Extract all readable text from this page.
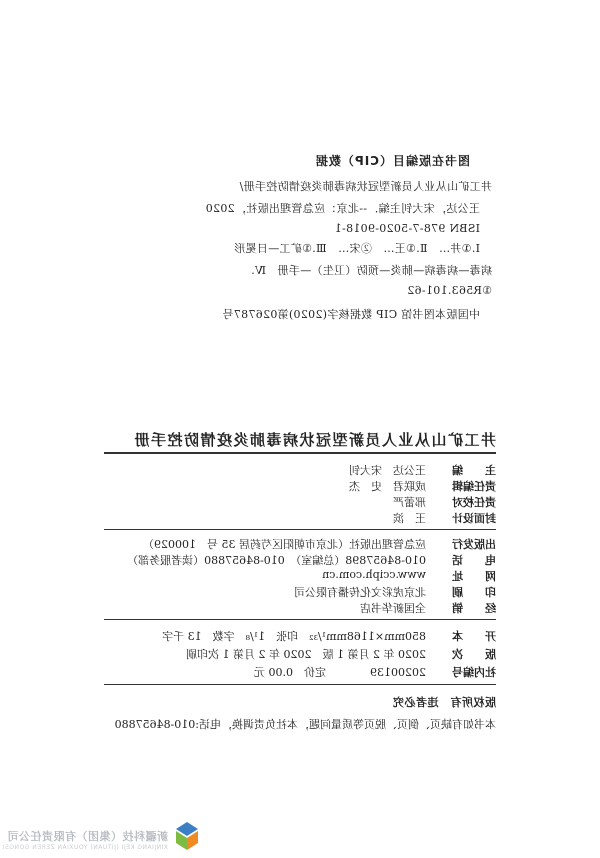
图书在版编目（CIP）数据
井工矿山从业人员新型冠状病毒肺炎疫情防控手册/
王公达，宋大钊主编．--北京：应急管理出版社，2020
ISBN 978-7-5020-9018-1
Ⅰ.①井…　Ⅱ.①王…　②宋…　Ⅲ.①矿工—日冕形
病毒—病毒病—肺炎—预防（卫生）—手册　Ⅳ.
①R563.101-62
中国版本图书馆 CIP 数据核字(2020)第026787号
井工矿山从业人员新型冠状病毒肺炎疫情防控手册
主　　编
王公达　宋大钊
责任编辑
成联君　史　杰
责任校对
邢蕾严
封面设计
王　滨
出版发行
应急管理出版社（北京市朝阳区芍药居 35 号　100029）
电　　话
010-84657898（总编室）　010-84657880（读者服务部）
网　　址
www.cciph.com.cn
印　　刷
北京虎彩文化传播有限公司
经　　销
全国新华书店
开　　本
850mm×1168mm¹/₃₂　印张　1¹/₈　字数　13 千字
版　　次
2020 年 2 月第 1 版　2020 年 2 月第 1 次印刷
社内编号
20200139　　　　定价　0.00 元
版权所有　违者必究
本书如有缺页、倒页、脱页等质量问题，本社负责调换，电话:010-84657880
新疆科技（集团）有限责任公司
XINJIANG KEJI (JITUAN) YOUXIAN ZEREN GONGSI
